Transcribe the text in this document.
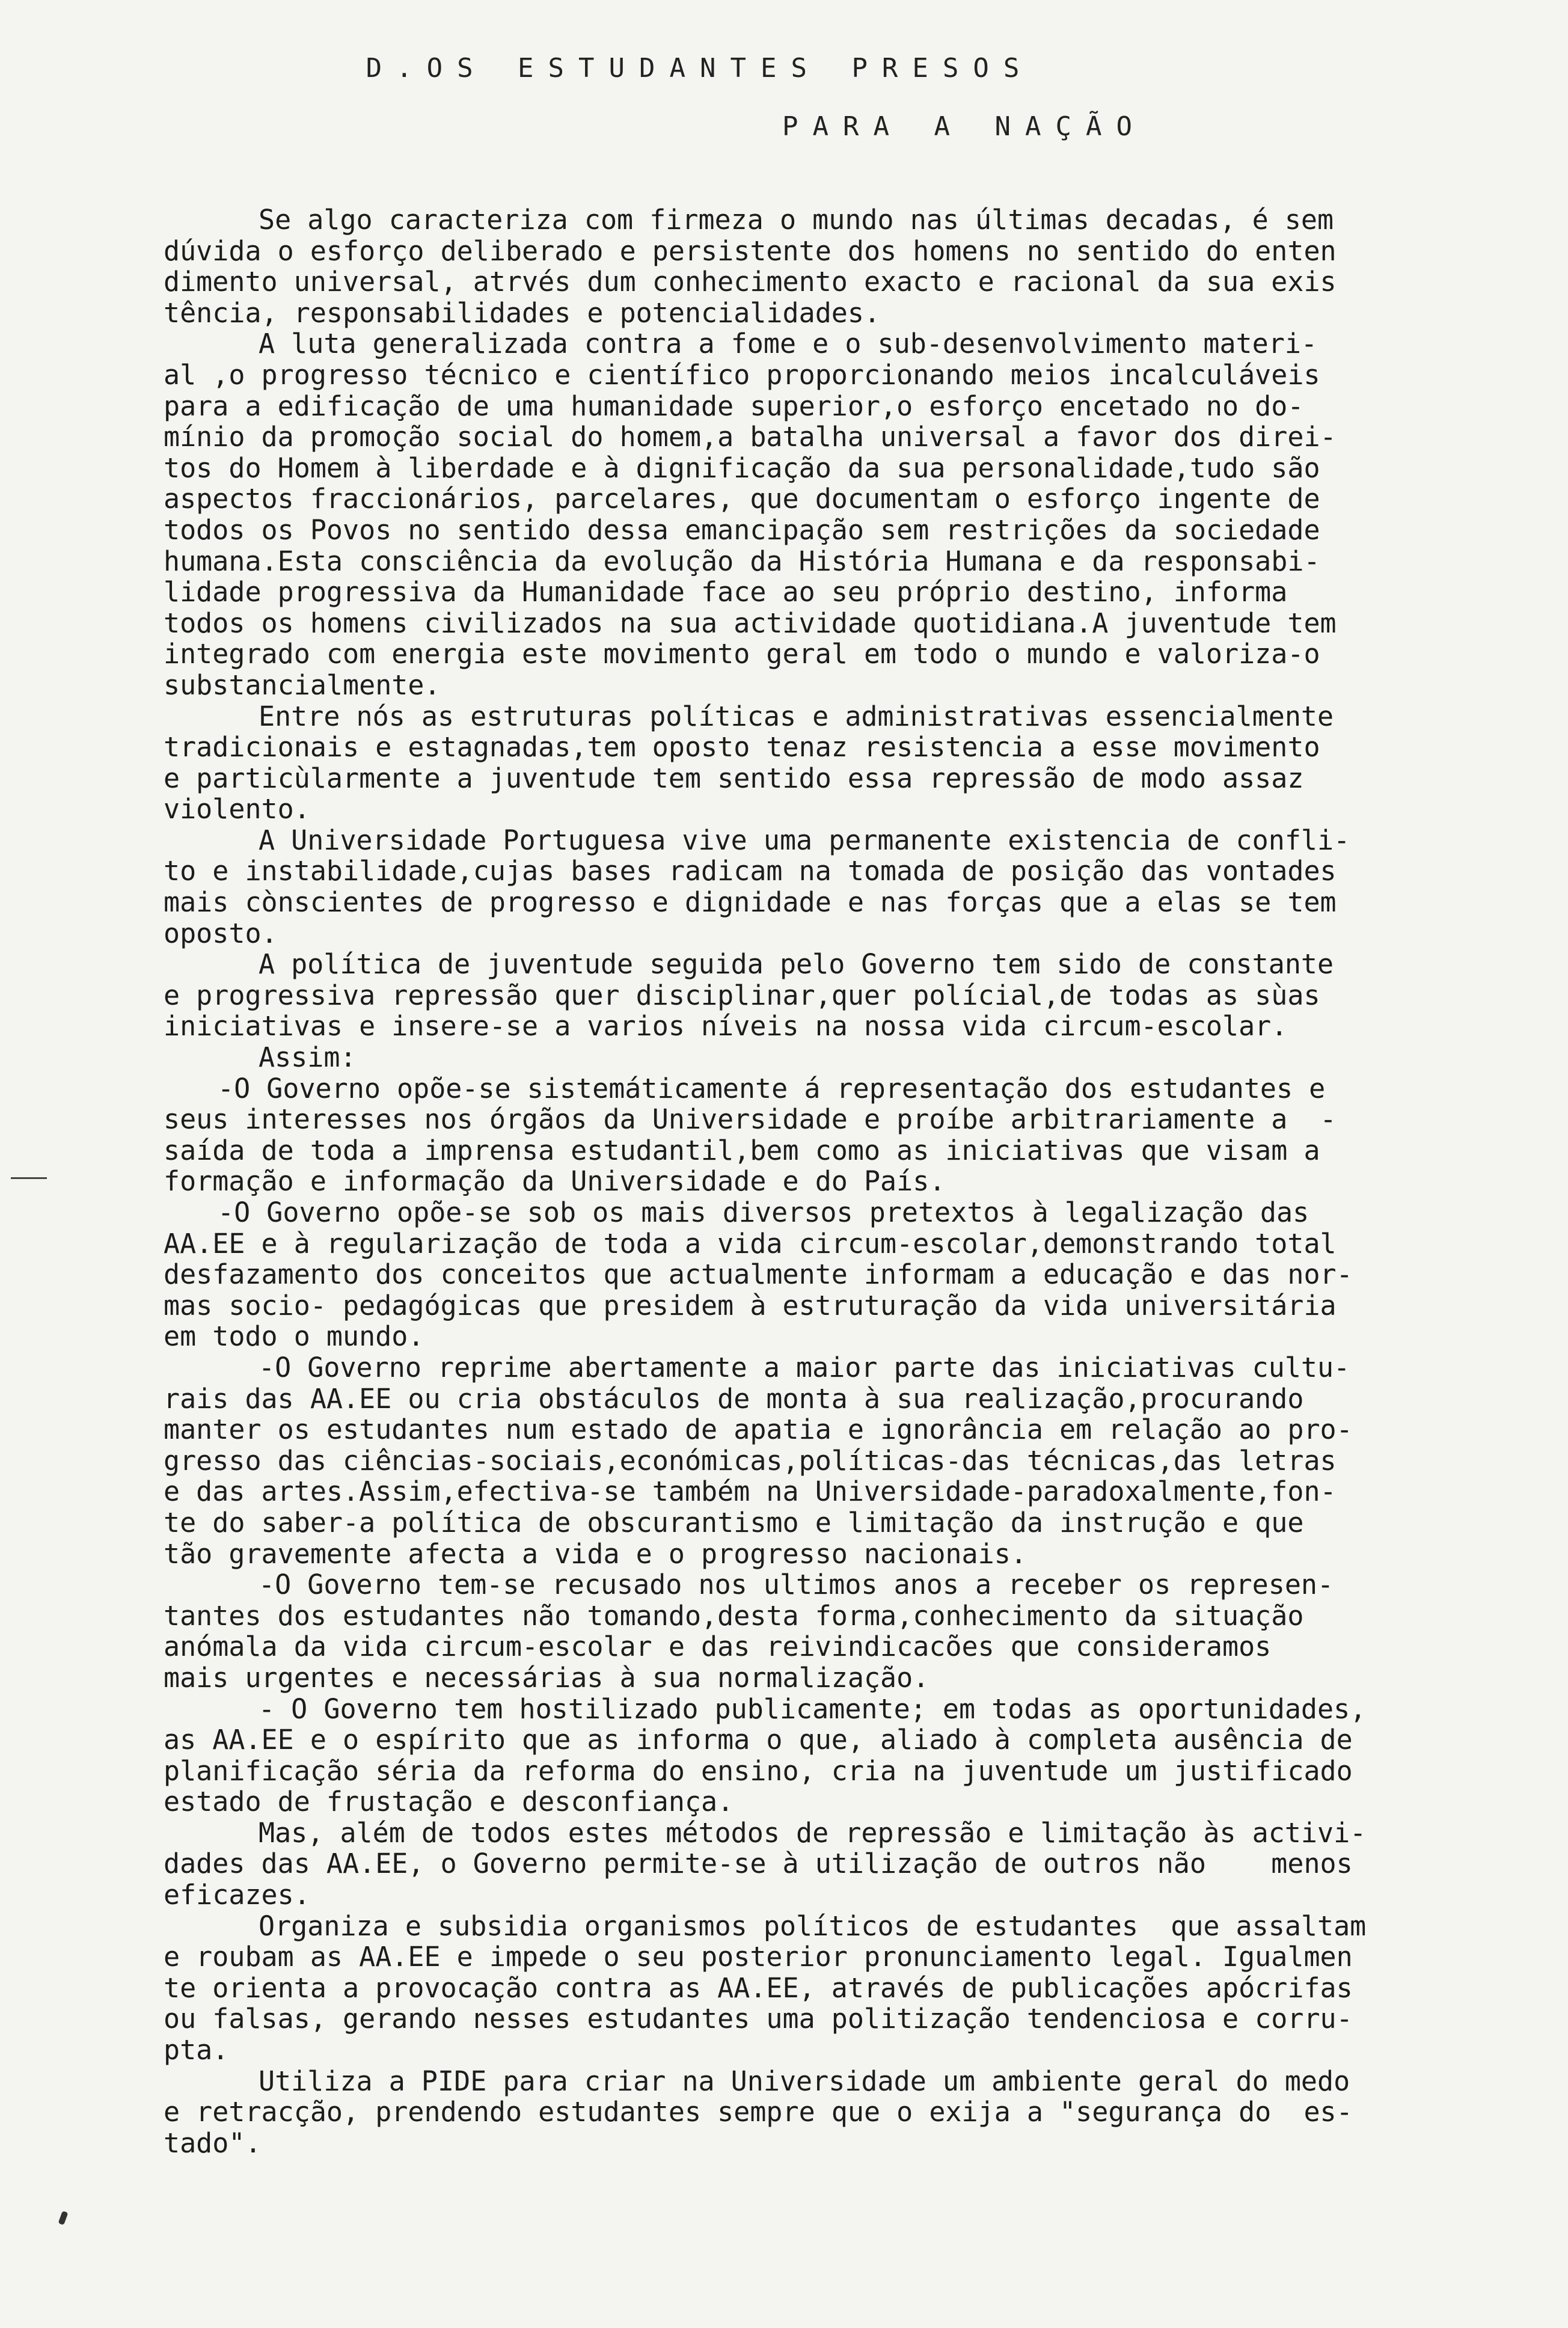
D.OS ESTUDANTES PRESOS
PARA A NAÇÃO
Se algo caracteriza com firmeza o mundo nas últimas decadas, é sem
dúvida o esforço deliberado e persistente dos homens no sentido do enten
dimento universal, atrvés dum conhecimento exacto e racional da sua exis
tência, responsabilidades e potencialidades.
A luta generalizada contra a fome e o sub-desenvolvimento materi-
al ,o progresso técnico e científico proporcionando meios incalculáveis
para a edificação de uma humanidade superior,o esforço encetado no do-
mínio da promoção social do homem,a batalha universal a favor dos direi-
tos do Homem à liberdade e à dignificação da sua personalidade,tudo são
aspectos fraccionários, parcelares, que documentam o esforço ingente de
todos os Povos no sentido dessa emancipação sem restrições da sociedade
humana.Esta consciência da evolução da História Humana e da responsabi-
lidade progressiva da Humanidade face ao seu próprio destino, informa
todos os homens civilizados na sua actividade quotidiana.A juventude tem
integrado com energia este movimento geral em todo o mundo e valoriza-o
substancialmente.
Entre nós as estruturas políticas e administrativas essencialmente
tradicionais e estagnadas,tem oposto tenaz resistencia a esse movimento
e particùlarmente a juventude tem sentido essa repressão de modo assaz
violento.
A Universidade Portuguesa vive uma permanente existencia de confli-
to e instabilidade,cujas bases radicam na tomada de posição das vontades
mais cònscientes de progresso e dignidade e nas forças que a elas se tem
oposto.
A política de juventude seguida pelo Governo tem sido de constante
e progressiva repressão quer disciplinar,quer polícial,de todas as sùas
iniciativas e insere-se a varios níveis na nossa vida circum-escolar.
Assim:
-O Governo opõe-se sistemáticamente á representação dos estudantes e
seus interesses nos órgãos da Universidade e proíbe arbitrariamente a  -
saída de toda a imprensa estudantil,bem como as iniciativas que visam a
formação e informação da Universidade e do País.
-O Governo opõe-se sob os mais diversos pretextos à legalização das
AA.EE e à regularização de toda a vida circum-escolar,demonstrando total
desfazamento dos conceitos que actualmente informam a educação e das nor-
mas socio- pedagógicas que presidem à estruturação da vida universitária
em todo o mundo.
-O Governo reprime abertamente a maior parte das iniciativas cultu-
rais das AA.EE ou cria obstáculos de monta à sua realização,procurando
manter os estudantes num estado de apatia e ignorância em relação ao pro-
gresso das ciências-sociais,económicas,políticas-das técnicas,das letras
e das artes.Assim,efectiva-se também na Universidade-paradoxalmente,fon-
te do saber-a política de obscurantismo e limitação da instrução e que
tão gravemente afecta a vida e o progresso nacionais.
-O Governo tem-se recusado nos ultimos anos a receber os represen-
tantes dos estudantes não tomando,desta forma,conhecimento da situação
anómala da vida circum-escolar e das reivindicacões que consideramos
mais urgentes e necessárias à sua normalização.
- O Governo tem hostilizado publicamente; em todas as oportunidades,
as AA.EE e o espírito que as informa o que, aliado à completa ausência de
planificação séria da reforma do ensino, cria na juventude um justificado
estado de frustação e desconfiança.
Mas, além de todos estes métodos de repressão e limitação às activi-
dades das AA.EE, o Governo permite-se à utilização de outros não    menos
eficazes.
Organiza e subsidia organismos políticos de estudantes  que assaltam
e roubam as AA.EE e impede o seu posterior pronunciamento legal. Igualmen
te orienta a provocação contra as AA.EE, através de publicações apócrifas
ou falsas, gerando nesses estudantes uma politização tendenciosa e corru-
pta.
Utiliza a PIDE para criar na Universidade um ambiente geral do medo
e retracção, prendendo estudantes sempre que o exija a "segurança do  es-
tado".
